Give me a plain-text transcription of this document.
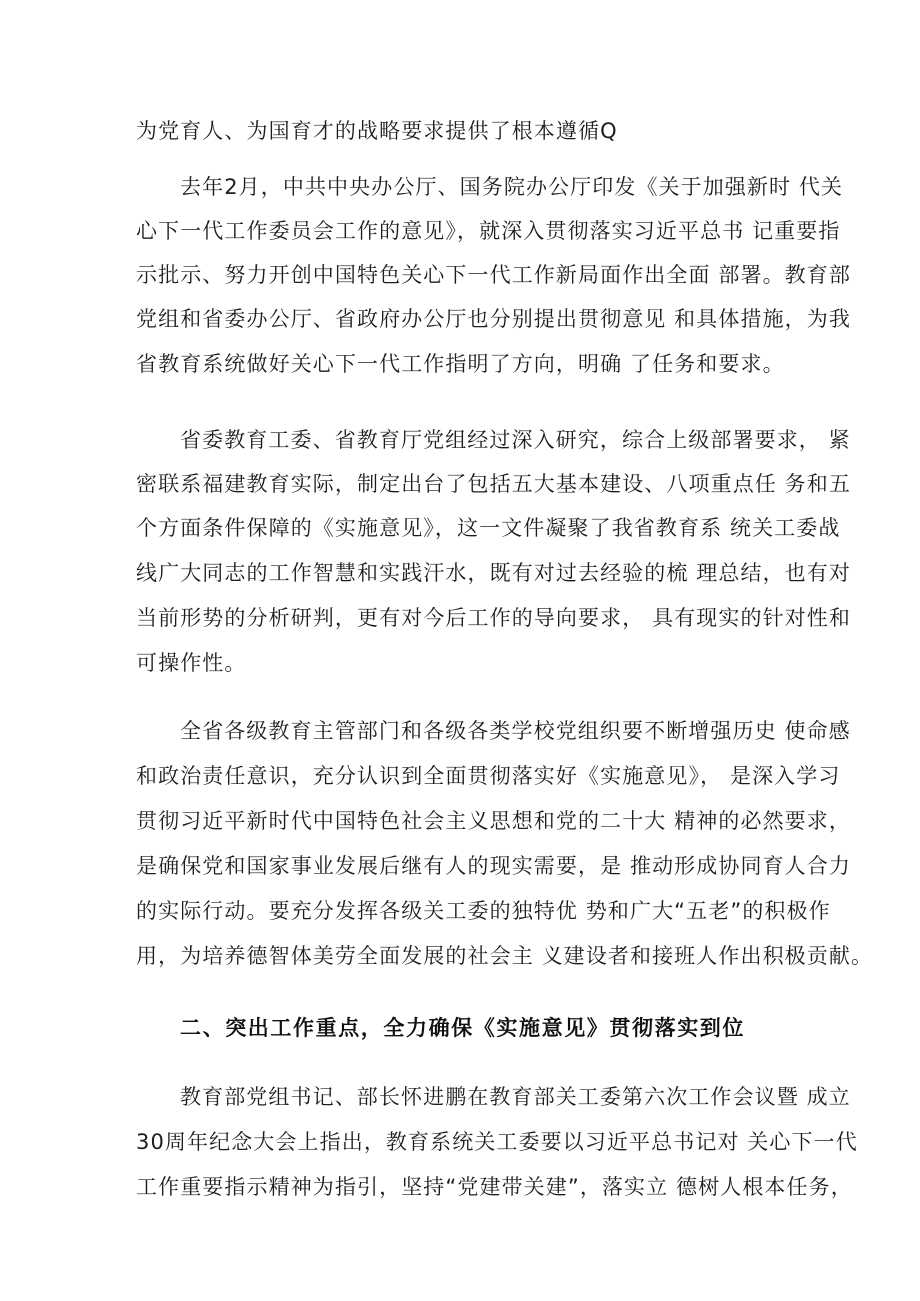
为党育人、为国育才的战略要求提供了根本遵循Q
去年2月，中共中央办公厅、国务院办公厅印发《关于加强新时 代关
心下一代工作委员会工作的意见》，就深入贯彻落实习近平总书 记重要指
示批示、努力开创中国特色关心下一代工作新局面作出全面 部署。教育部
党组和省委办公厅、省政府办公厅也分别提出贯彻意见 和具体措施，为我
省教育系统做好关心下一代工作指明了方向，明确 了任务和要求。
省委教育工委、省教育厅党组经过深入研究，综合上级部署要求， 紧
密联系福建教育实际，制定出台了包括五大基本建设、八项重点任 务和五
个方面条件保障的《实施意见》，这一文件凝聚了我省教育系 统关工委战
线广大同志的工作智慧和实践汗水，既有对过去经验的梳 理总结，也有对
当前形势的分析研判，更有对今后工作的导向要求， 具有现实的针对性和
可操作性。
全省各级教育主管部门和各级各类学校党组织要不断增强历史 使命感
和政治责任意识，充分认识到全面贯彻落实好《实施意见》， 是深入学习
贯彻习近平新时代中国特色社会主义思想和党的二十大 精神的必然要求，
是确保党和国家事业发展后继有人的现实需要，是 推动形成协同育人合力
的实际行动。要充分发挥各级关工委的独特优 势和广大“五老”的积极作
用，为培养德智体美劳全面发展的社会主 义建设者和接班人作出积极贡献。
二、突出工作重点，全力确保《实施意见》贯彻落实到位
教育部党组书记、部长怀进鹏在教育部关工委第六次工作会议暨 成立
30周年纪念大会上指出，教育系统关工委要以习近平总书记对 关心下一代
工作重要指示精神为指引，坚持“党建带关建”，落实立 德树人根本任务，
